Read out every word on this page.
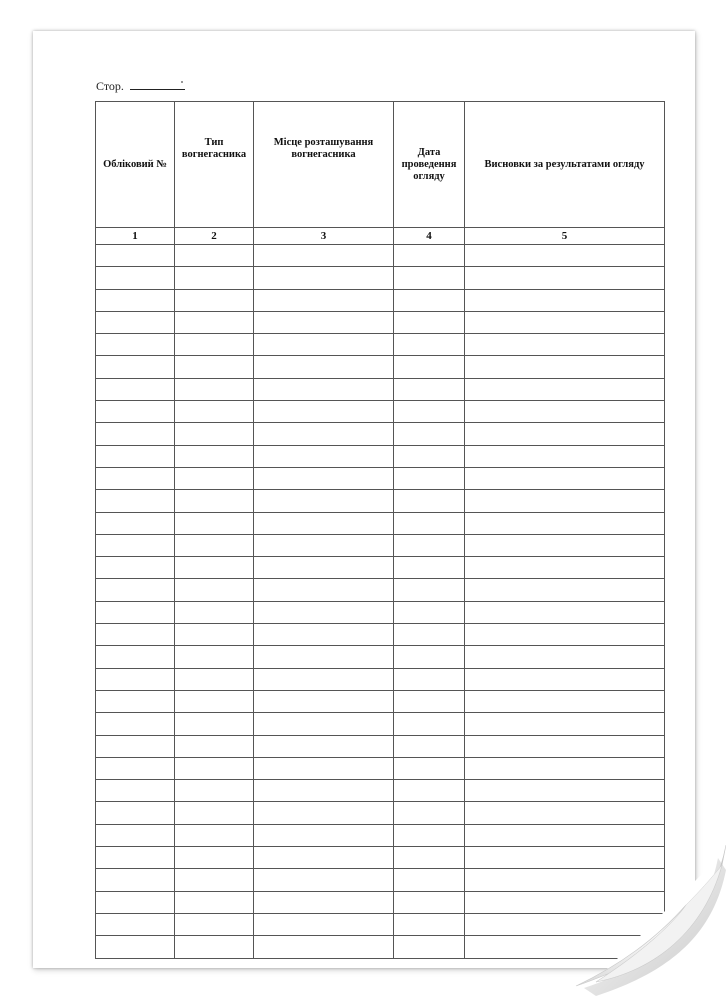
Стор.
Обліковий №	Тип вогнегасника	Місце розташування вогнегасника	Дата проведення огляду	Висновки за результатами огляду
1	2	3	4	5
